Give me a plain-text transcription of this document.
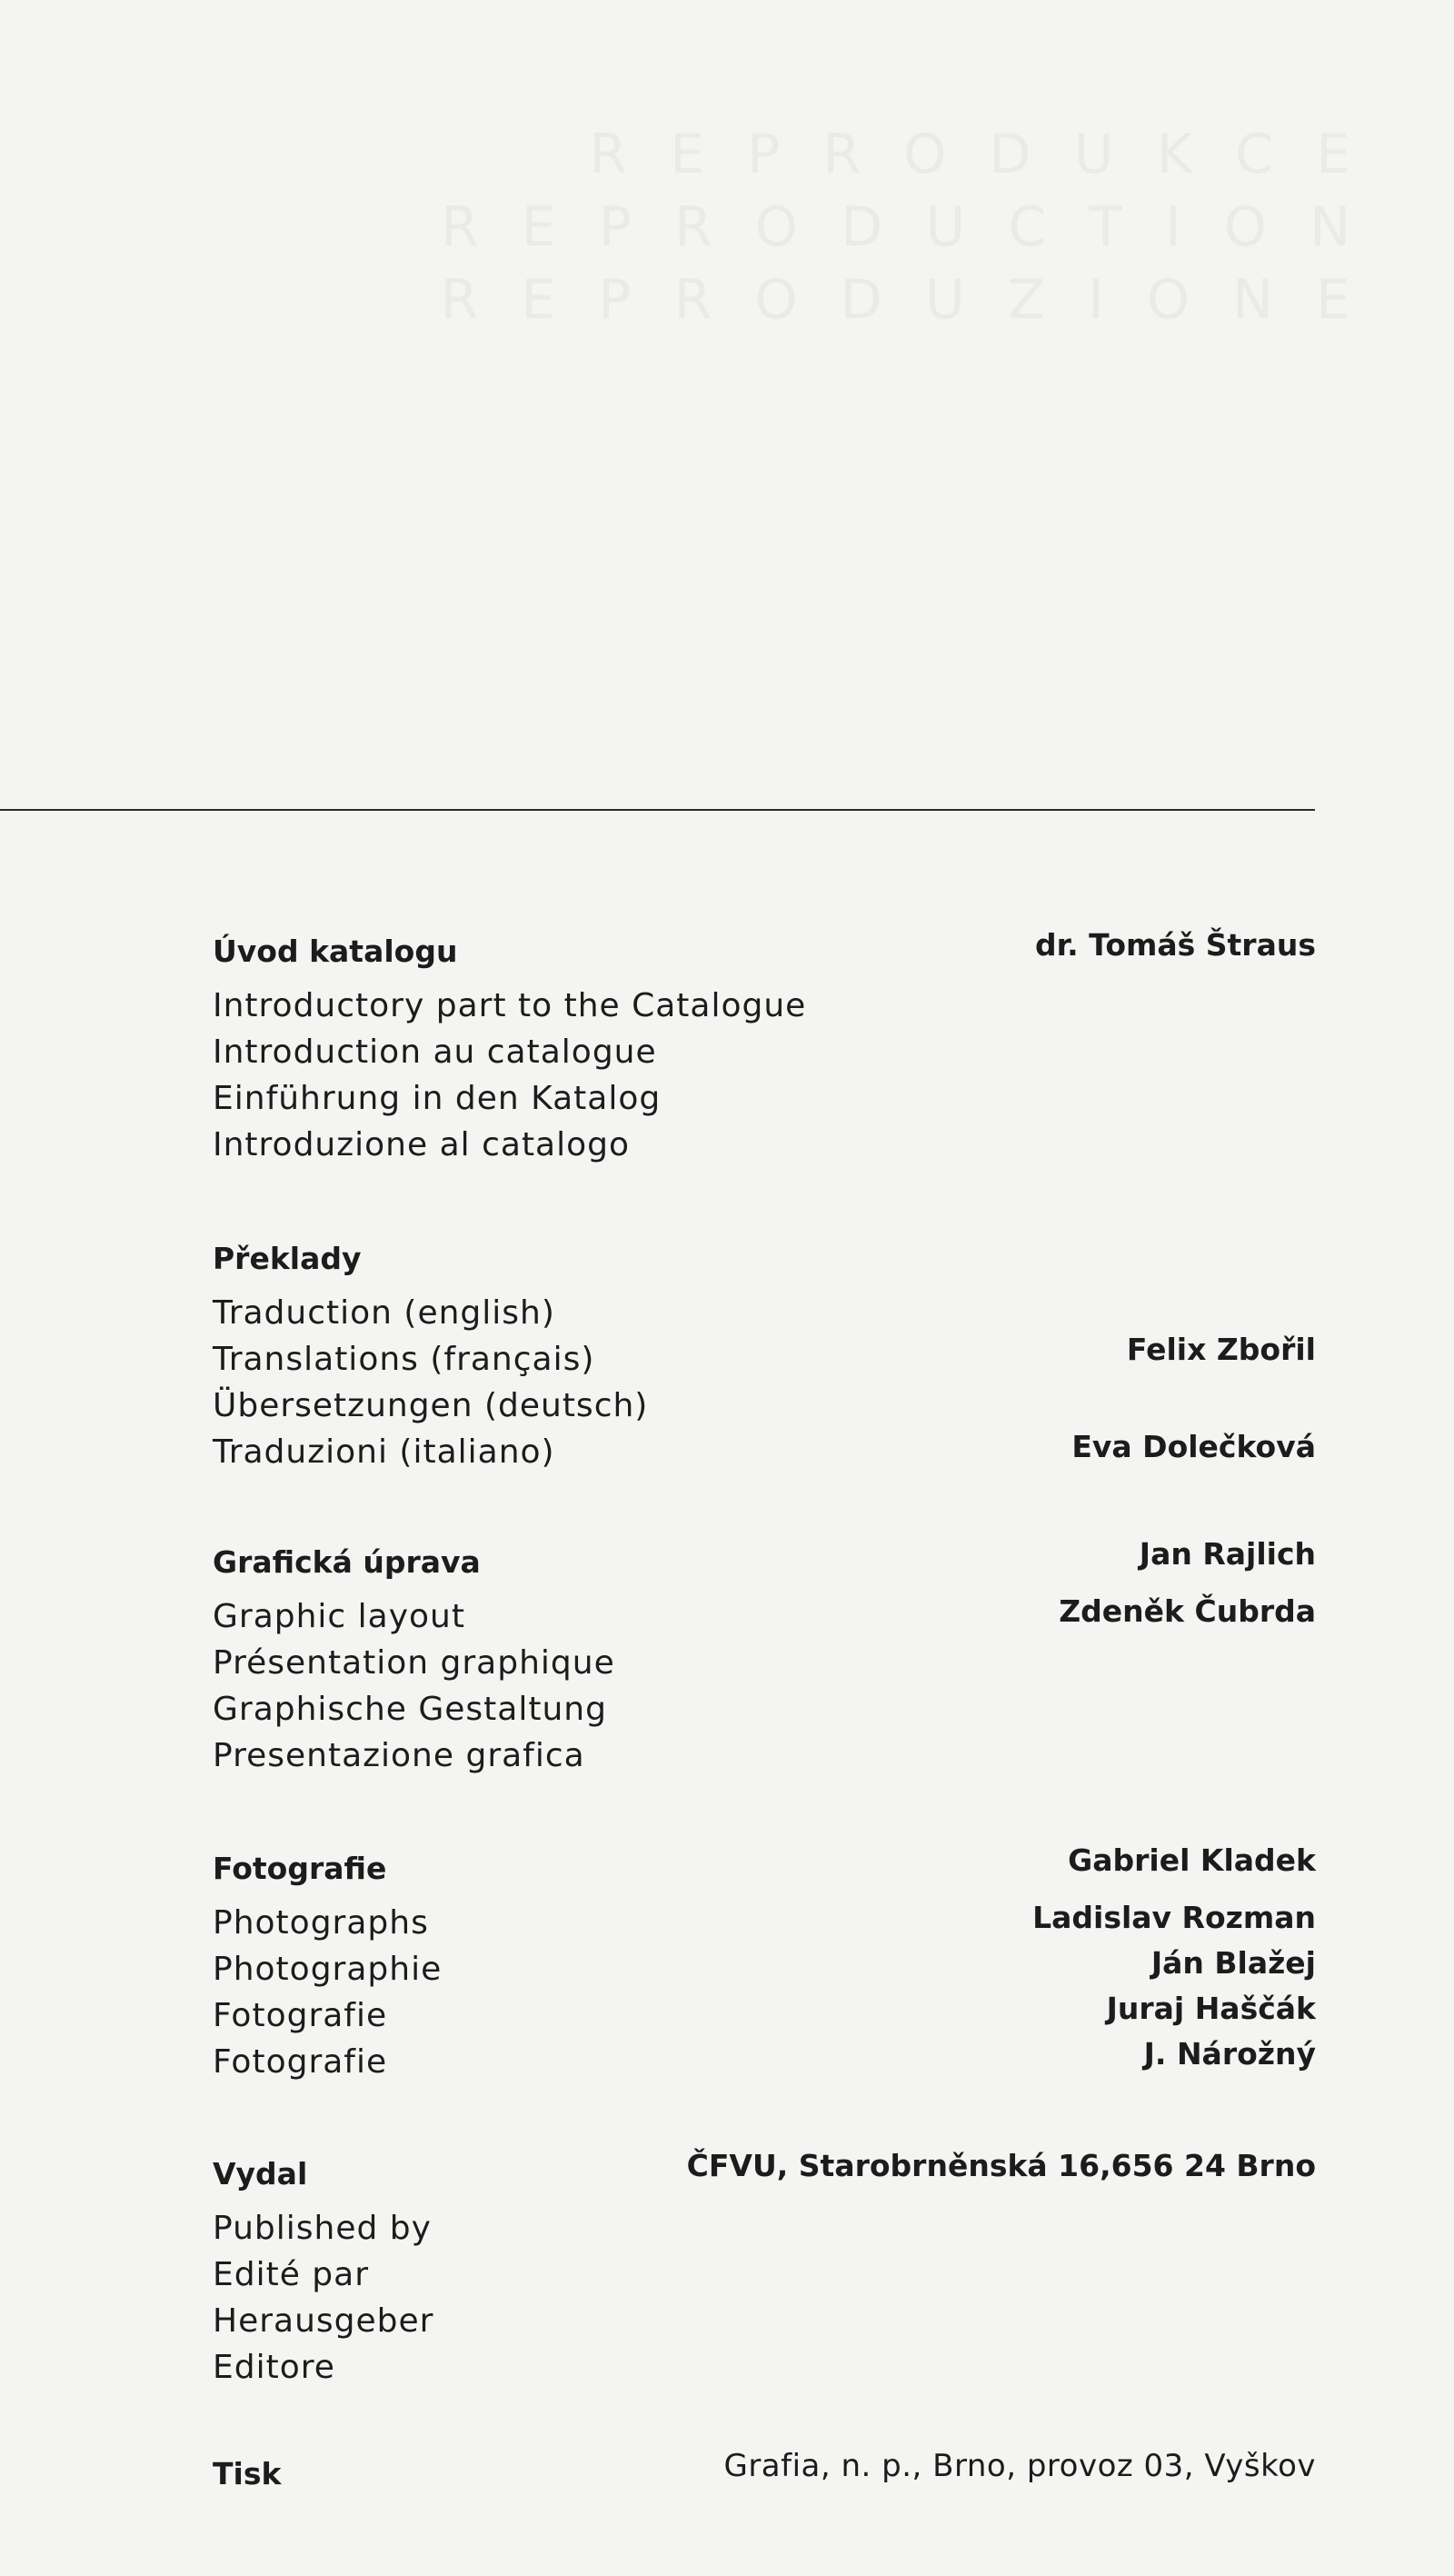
R E P R O D U K C E
R E P R O D U C T I O N
R E P R O D U Z I O N E
Úvod katalogu
Introductory part to the Catalogue
Introduction au catalogue
Einführung in den Katalog
Introduzione al catalogo
dr. Tomáš Štraus
Překlady
Traduction (english)
Translations (français)
Übersetzungen (deutsch)
Traduzioni (italiano)
Felix Zbořil
Eva Dolečková
Grafická úprava
Graphic layout
Présentation graphique
Graphische Gestaltung
Presentazione grafica
Jan Rajlich
Zdeněk Čubrda
Fotografie
Photographs
Photographie
Fotografie
Fotografie
Gabriel Kladek
Ladislav Rozman
Ján Blažej
Juraj Haščák
J. Nárožný
Vydal
Published by
Edité par
Herausgeber
Editore
ČFVU, Starobrněnská 16,656 24 Brno
Tisk	Grafia, n. p., Brno, provoz 03, Vyškov
